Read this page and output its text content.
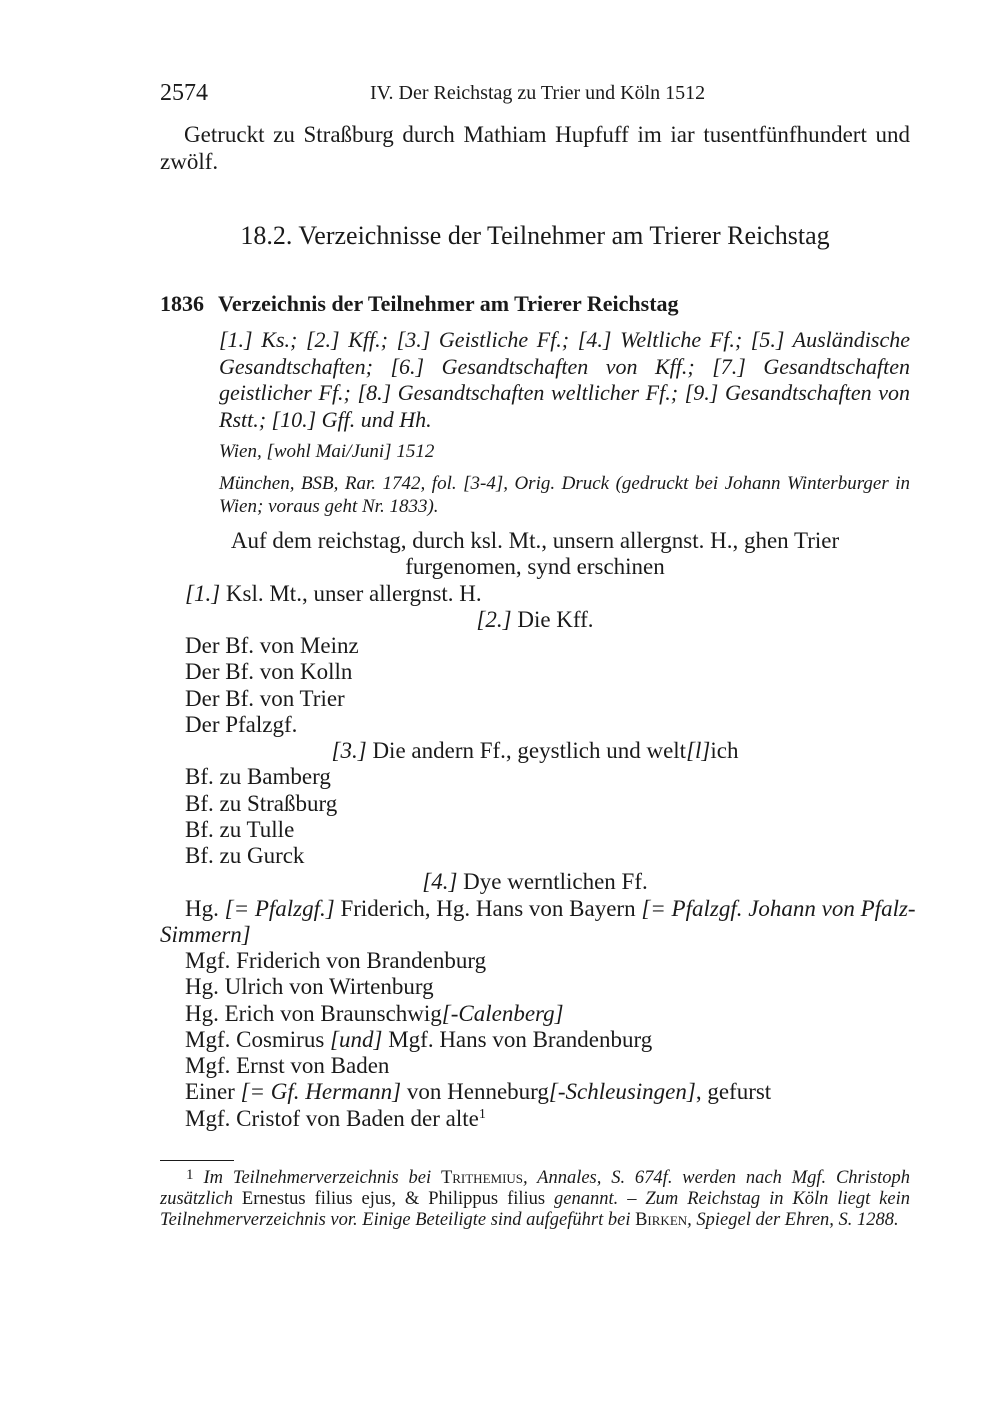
2574	IV. Der Reichstag zu Trier und Köln 1512
Getruckt zu Straßburg durch Mathiam Hupfuff im iar tusentfünfhundert und zwölf.
18.2. Verzeichnisse der Teilnehmer am Trierer Reichstag
1836 Verzeichnis der Teilnehmer am Trierer Reichstag
[1.] Ks.; [2.] Kff.; [3.] Geistliche Ff.; [4.] Weltliche Ff.; [5.] Ausländische Gesandtschaften; [6.] Gesandtschaften von Kff.; [7.] Gesandtschaften geistlicher Ff.; [8.] Gesandtschaften weltlicher Ff.; [9.] Gesandtschaften von Rstt.; [10.] Gff. und Hh.
Wien, [wohl Mai/Juni] 1512
München, BSB, Rar. 1742, fol. [3-4], Orig. Druck (gedruckt bei Johann Winterburger in Wien; voraus geht Nr. 1833).
Auf dem reichstag, durch ksl. Mt., unsern allergnst. H., ghen Trier
furgenomen, synd erschinen
[1.] Ksl. Mt., unser allergnst. H.
[2.] Die Kff.
Der Bf. von Meinz
Der Bf. von Kolln
Der Bf. von Trier
Der Pfalzgf.
[3.] Die andern Ff., geystlich und welt[l]ich
Bf. zu Bamberg
Bf. zu Straßburg
Bf. zu Tulle
Bf. zu Gurck
[4.] Dye werntlichen Ff.
Hg. [= Pfalzgf.] Friderich, Hg. Hans von Bayern [= Pfalzgf. Johann von Pfalz-
Simmern]
Mgf. Friderich von Brandenburg
Hg. Ulrich von Wirtenburg
Hg. Erich von Braunschwig[-Calenberg]
Mgf. Cosmirus [und] Mgf. Hans von Brandenburg
Mgf. Ernst von Baden
Einer [= Gf. Hermann] von Henneburg[-Schleusingen], gefurst
Mgf. Cristof von Baden der alte$^1$
$^1$ Im Teilnehmerverzeichnis bei Trithemius, Annales, S. 674f. werden nach Mgf. Christoph zusätzlich Ernestus filius ejus, & Philippus filius genannt. – Zum Reichstag in Köln liegt kein Teilnehmerverzeichnis vor. Einige Beteiligte sind aufgeführt bei Birken, Spiegel der Ehren, S. 1288.
